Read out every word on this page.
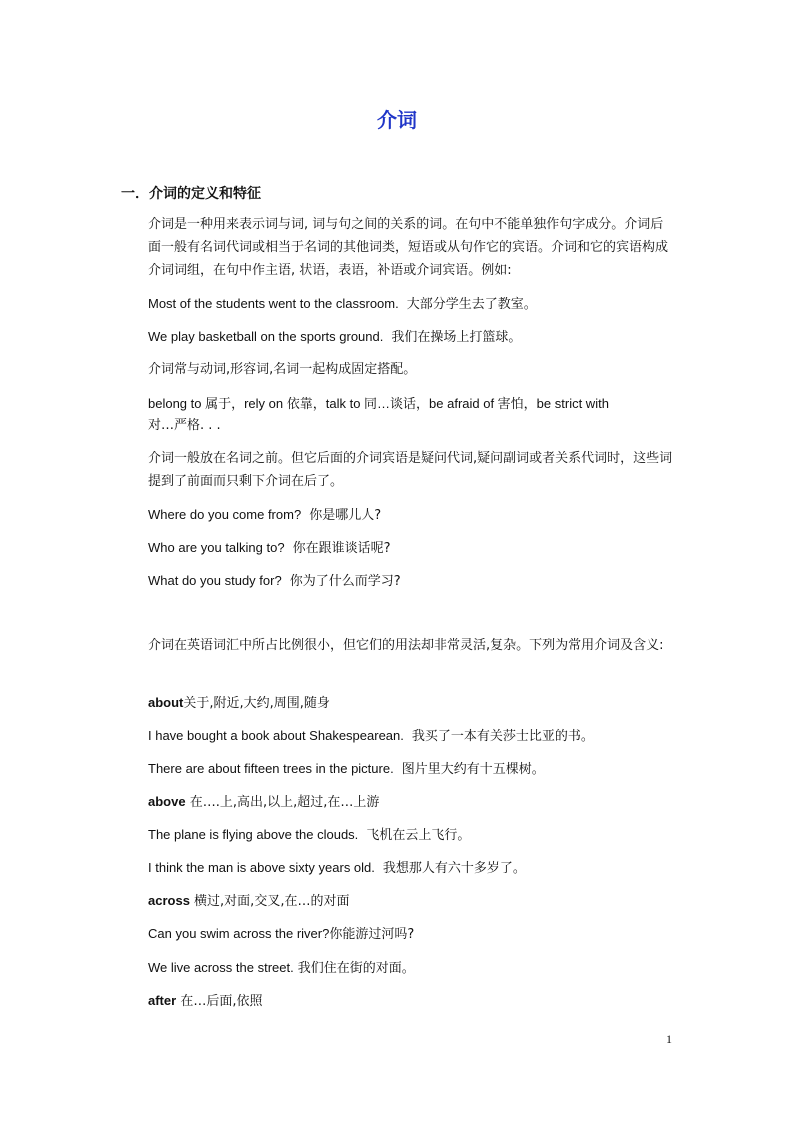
介词
一．介词的定义和特征

介词是一种用来表示词与词, 词与句之间的关系的词。在句中不能单独作句字成分。介词后面一般有名词代词或相当于名词的其他词类，短语或从句作它的宾语。介词和它的宾语构成介词词组，在句中作主语, 状语，表语，补语或介词宾语。例如:

Most of the students went to the classroom. 大部分学生去了教室。

We play basketball on the sports ground. 我们在操场上打篮球。

介词常与动词,形容词,名词一起构成固定搭配。

belong to 属于，rely on 依靠，talk to 同…谈话，be afraid of 害怕，be strict with

对…严格. . .

介词一般放在名词之前。但它后面的介词宾语是疑问代词,疑问副词或者关系代词时，这些词提到了前面而只剩下介词在后了。

Where do you come from? 你是哪儿人?

Who are you talking to? 你在跟谁谈话呢?

What do you study for? 你为了什么而学习?

介词在英语词汇中所占比例很小，但它们的用法却非常灵活,复杂。下列为常用介词及含义:

about关于,附近,大约,周围,随身

I have bought a book about Shakespearean. 我买了一本有关莎士比亚的书。

There are about fifteen trees in the picture. 图片里大约有十五棵树。

above 在….上,高出,以上,超过,在…上游

The plane is flying above the clouds. 飞机在云上飞行。

I think the man is above sixty years old. 我想那人有六十多岁了。

across 横过,对面,交叉,在…的对面

Can you swim across the river?你能游过河吗?

We live across the street. 我们住在街的对面。

after 在…后面,依照

1
